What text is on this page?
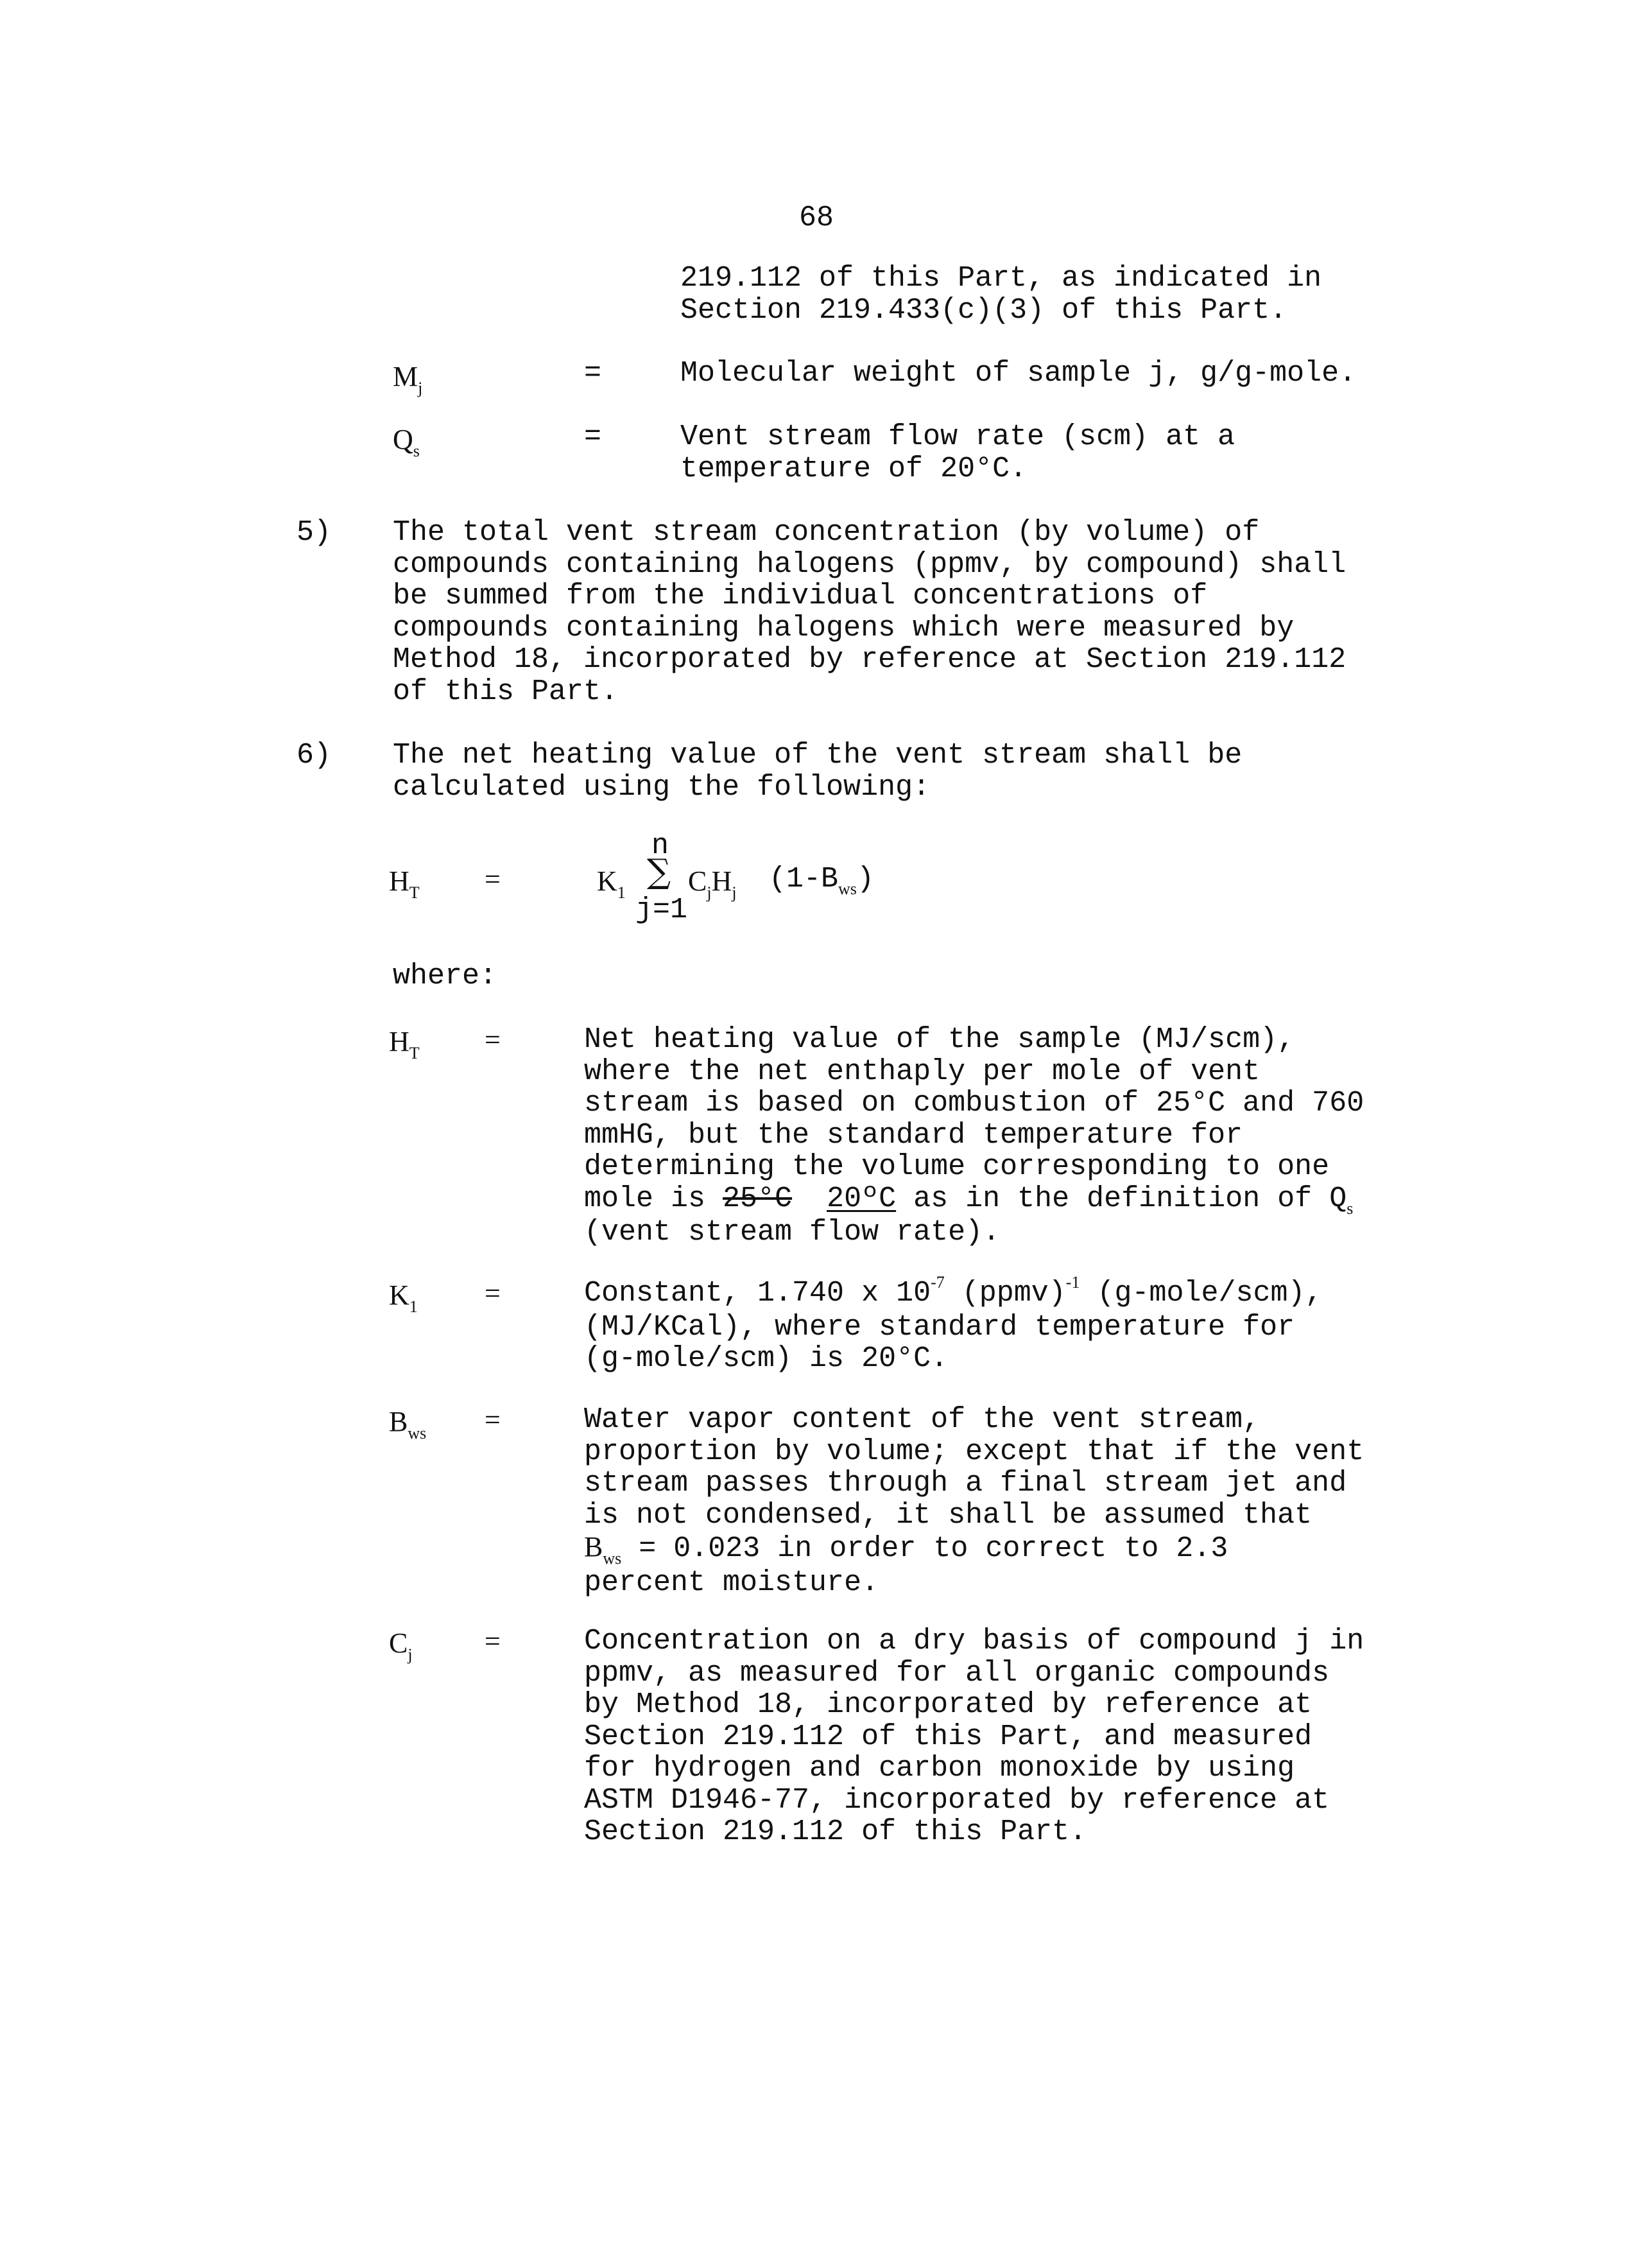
68
219.112 of this Part, as indicated in
Section 219.433(c)(3) of this Part.
$M_j$	=	Molecular weight of sample j, g/g-mole.
$Q_s$	=	Vent stream flow rate (scm) at a
temperature of 20°C.
5) The total vent stream concentration (by volume) of
compounds containing halogens (ppmv, by compound) shall
be summed from the individual concentrations of
compounds containing halogens which were measured by
Method 18, incorporated by reference at Section 219.112
of this Part.
6) The net heating value of the vent stream shall be
calculated using the following:
$H_T$ =
n
$K_1$
∑ $C_jH_j$ $(1-B_{ws})$
j=1
where:
$H_T$ =	Net heating value of the sample (MJ/scm),
where the net enthaply per mole of vent
stream is based on combustion of 25°C and 760
mmHG, but the standard temperature for
determining the volume corresponding to one
mole is 25°C 20ºC as in the definition of $Q_s$
(vent stream flow rate).
$K_1$ =	Constant, 1.740 x $10^{-7}$ (ppmv)$^{-1}$ (g-mole/scm),
(MJ/KCal), where standard temperature for
(g-mole/scm) is 20°C.
$B_{ws}$ =	Water vapor content of the vent stream,
proportion by volume; except that if the vent
stream passes through a final stream jet and
is not condensed, it shall be assumed that
$B_{ws} = 0.023$ in order to correct to 2.3
percent moisture.
$C_j$	=	Concentration on a dry basis of compound j in
ppmv, as measured for all organic compounds
by Method 18, incorporated by reference at
Section 219.112 of this Part, and measured
for hydrogen and carbon monoxide by using
ASTM D1946-77, incorporated by reference at
Section 219.112 of this Part.
